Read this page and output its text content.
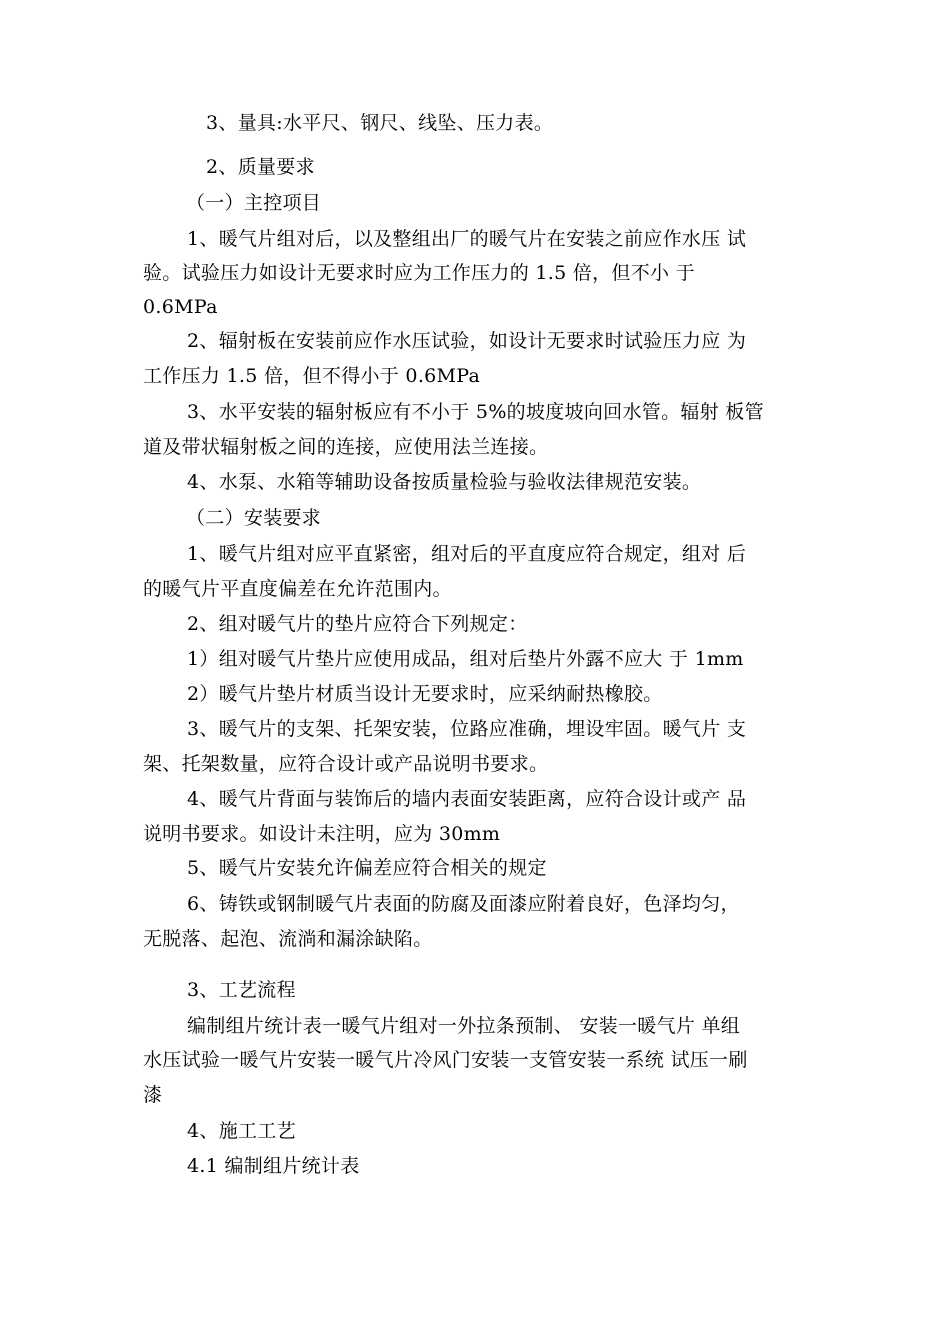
3、量具:水平尺、钢尺、线坠、压力表。

2、质量要求

（一）主控项目

1、暖气片组对后，以及整组出厂的暖气片在安装之前应作水压 试

验。试验压力如设计无要求时应为工作压力的 1.5 倍，但不小 于

0.6MPa

2、辐射板在安装前应作水压试验，如设计无要求时试验压力应 为

工作压力 1.5 倍，但不得小于 0.6MPa

3、水平安装的辐射板应有不小于 5%的坡度坡向回水管。辐射 板管

道及带状辐射板之间的连接，应使用法兰连接。

4、水泵、水箱等辅助设备按质量检验与验收法律规范安装。

（二）安装要求

1、暖气片组对应平直紧密，组对后的平直度应符合规定，组对 后

的暖气片平直度偏差在允许范围内。

2、组对暖气片的垫片应符合下列规定：

1）组对暖气片垫片应使用成品，组对后垫片外露不应大 于 1mm

2）暖气片垫片材质当设计无要求时，应采纳耐热橡胶。

3、暖气片的支架、托架安装，位路应准确，埋设牢固。暖气片 支

架、托架数量，应符合设计或产品说明书要求。

4、暖气片背面与装饰后的墙内表面安装距离，应符合设计或产 品

说明书要求。如设计未注明，应为 30mm

5、暖气片安装允许偏差应符合相关的规定

6、铸铁或钢制暖气片表面的防腐及面漆应附着良好，色泽均匀，

无脱落、起泡、流淌和漏涂缺陷。

3、工艺流程

编制组片统计表一暖气片组对一外拉条预制、 安装一暖气片 单组

水压试验一暖气片安装一暖气片冷风门安装一支管安装一系统 试压一刷

漆

4、施工工艺

4.1 编制组片统计表
